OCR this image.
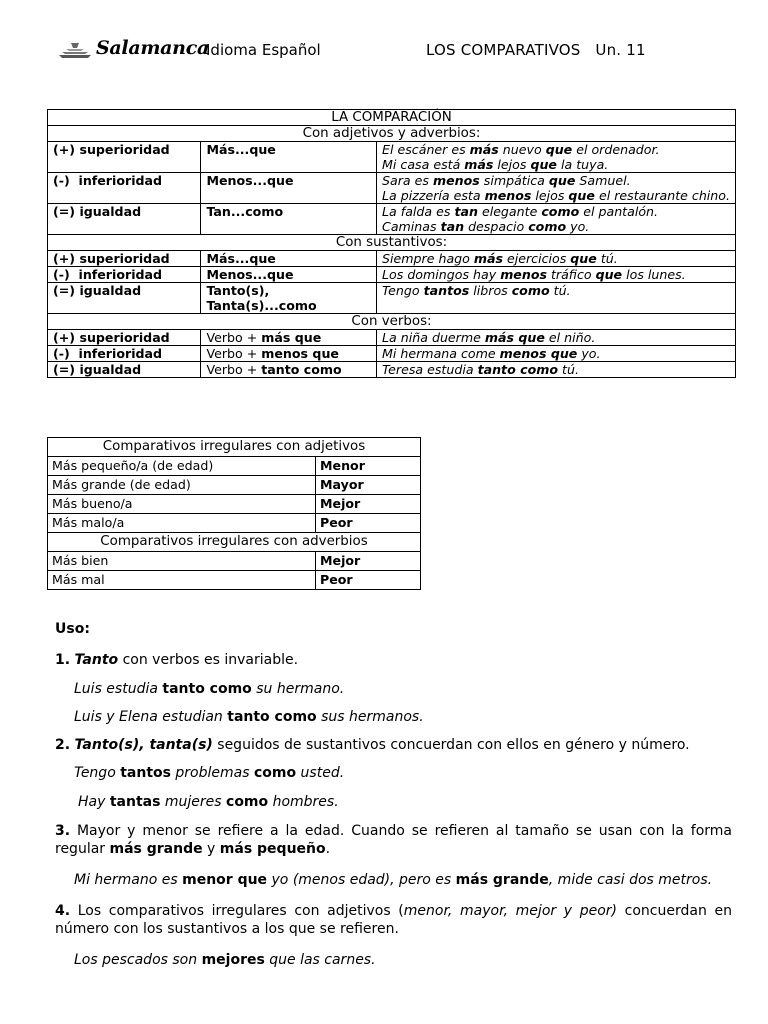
Salamanca
Idioma Español	LOS COMPARATIVOS   Un. 11
LA COMPARACIÓN		
Con adjetivos y adverbios:		
(+) superioridad	Más...que	El escáner es más nuevo que el ordenador.
Mi casa está más lejos que la tuya.

(-)  inferioridad	Menos...que	Sara es menos simpática que Samuel.
La pizzería esta menos lejos que el restaurante chino.

(=) igualdad	Tan...como	La falda es tan elegante como el pantalón.
Caminas tan despacio como yo.

Con sustantivos:		
(+) superioridad	Más...que	Siempre hago más ejercicios que tú.

(-)  inferioridad	Menos...que	Los domingos hay menos tráfico que los lunes.

(=) igualdad	Tanto(s),
Tanta(s)...como	Tengo tantos libros como tú.

Con verbos:		
(+) superioridad	Verbo + más que	La niña duerme más que el niño.

(-)  inferioridad	Verbo + menos que	Mi hermana come menos que yo.

(=) igualdad	Verbo + tanto como	Teresa estudia tanto como tú.
Comparativos irregulares con adjetivos	
Más pequeño/a (de edad)	Menor
Más grande (de edad)	Mayor
Más bueno/a	Mejor
Más malo/a	Peor
Comparativos irregulares con adverbios	
Más bien	Mejor
Más mal	Peor
Uso:
1. Tanto con verbos es invariable.
Luis estudia tanto como su hermano.
Luis y Elena estudian tanto como sus hermanos.
2. Tanto(s), tanta(s) seguidos de sustantivos concuerdan con ellos en género y número.
Tengo tantos problemas como usted.
Hay tantas mujeres como hombres.
3. Mayor y menor se refiere a la edad. Cuando se refieren al tamaño se usan con la forma regular más grande y más pequeño.
Mi hermano es menor que yo (menos edad), pero es más grande, mide casi dos metros.
4. Los comparativos irregulares con adjetivos (menor, mayor, mejor y peor) concuerdan en número con los sustantivos a los que se refieren.
Los pescados son mejores que las carnes.
